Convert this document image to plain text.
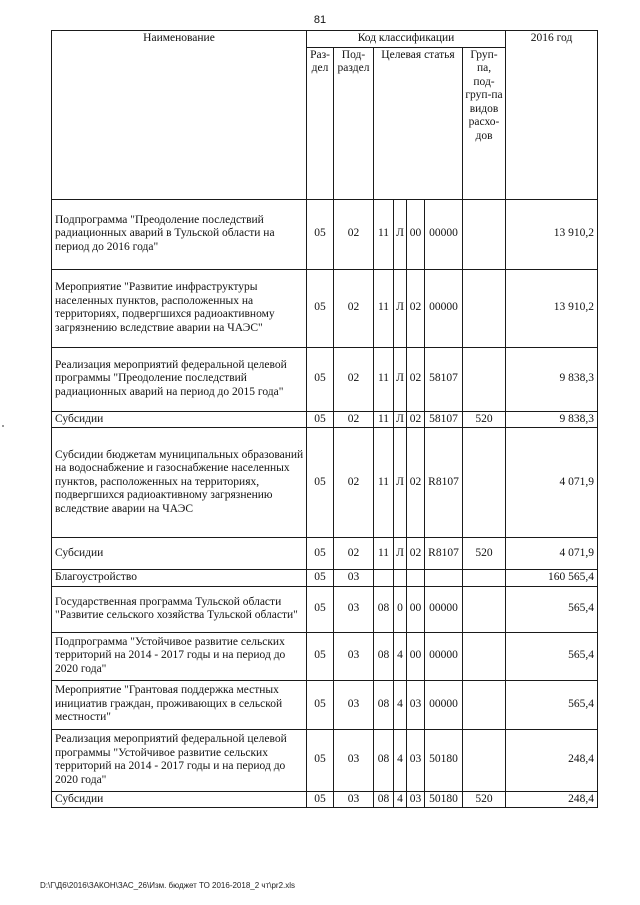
81
Наименование	Код классификации							2016 год
	Раз-дел	Под-раздел	Целевая статья				Груп-па, под-груп-па видов расхо-дов	
Подпрограмма "Преодоление последствий радиационных аварий в Тульской области на период до 2016 года"	05	02	11	Л	00	00000		13 910,2
Мероприятие "Развитие инфраструктуры населенных пунктов, расположенных на территориях, подвергшихся радиоактивному загрязнению вследствие аварии на ЧАЭС"	05	02	11	Л	02	00000		13 910,2
Реализация мероприятий федеральной целевой программы "Преодоление последствий радиационных аварий на период до 2015 года"	05	02	11	Л	02	58107		9 838,3
Субсидии	05	02	11	Л	02	58107	520	9 838,3
Субсидии бюджетам муниципальных образований на водоснабжение и газоснабжение населенных пунктов, расположенных на территориях, подвергшихся радиоактивному загрязнению вследствие аварии на ЧАЭС	05	02	11	Л	02	R8107		4 071,9
Субсидии	05	02	11	Л	02	R8107	520	4 071,9
Благоустройство	05	03						160 565,4
Государственная программа Тульской области "Развитие сельского хозяйства Тульской области"	05	03	08	0	00	00000		565,4
Подпрограмма "Устойчивое развитие сельских территорий на 2014 - 2017 годы и на период до 2020 года"	05	03	08	4	00	00000		565,4
Мероприятие "Грантовая поддержка местных инициатив граждан, проживающих в сельской местности"	05	03	08	4	03	00000		565,4
Реализация мероприятий федеральной целевой программы "Устойчивое развитие сельских территорий на 2014 - 2017 годы и на период до 2020 года"	05	03	08	4	03	50180		248,4
Субсидии	05	03	08	4	03	50180	520	248,4
D:\Г\Д6\2016\ЗАКОН\ЗАС_26\Изм. бюджет ТО 2016-2018_2 чт\pr2.xls
